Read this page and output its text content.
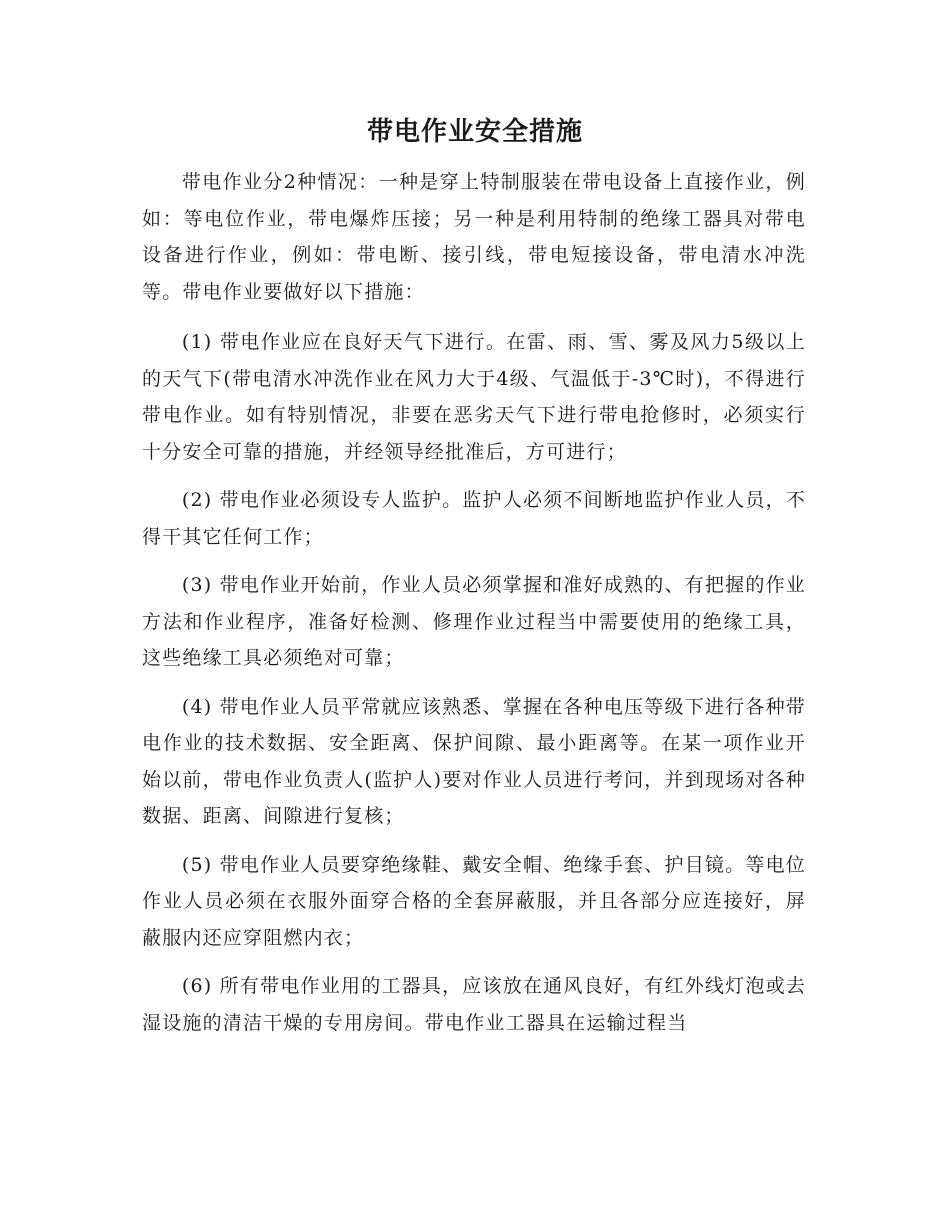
带电作业安全措施

带电作业分2种情况：一种是穿上特制服装在带电设备上直接作业，例如：等电位作业，带电爆炸压接；另一种是利用特制的绝缘工器具对带电设备进行作业，例如：带电断、接引线，带电短接设备，带电清水冲洗等。带电作业要做好以下措施：

(1) 带电作业应在良好天气下进行。在雷、雨、雪、雾及风力5级以上的天气下(带电清水冲洗作业在风力大于4级、气温低于-3℃时)，不得进行带电作业。如有特别情况，非要在恶劣天气下进行带电抢修时，必须实行十分安全可靠的措施，并经领导经批准后，方可进行；

(2) 带电作业必须设专人监护。监护人必须不间断地监护作业人员，不得干其它任何工作；

(3) 带电作业开始前，作业人员必须掌握和准好成熟的、有把握的作业方法和作业程序，准备好检测、修理作业过程当中需要使用的绝缘工具，这些绝缘工具必须绝对可靠；

(4) 带电作业人员平常就应该熟悉、掌握在各种电压等级下进行各种带电作业的技术数据、安全距离、保护间隙、最小距离等。在某一项作业开始以前，带电作业负责人(监护人)要对作业人员进行考问，并到现场对各种数据、距离、间隙进行复核；

(5) 带电作业人员要穿绝缘鞋、戴安全帽、绝缘手套、护目镜。等电位作业人员必须在衣服外面穿合格的全套屏蔽服，并且各部分应连接好，屏蔽服内还应穿阻燃内衣；

(6) 所有带电作业用的工器具，应该放在通风良好，有红外线灯泡或去湿设施的清洁干燥的专用房间。带电作业工器具在运输过程当
